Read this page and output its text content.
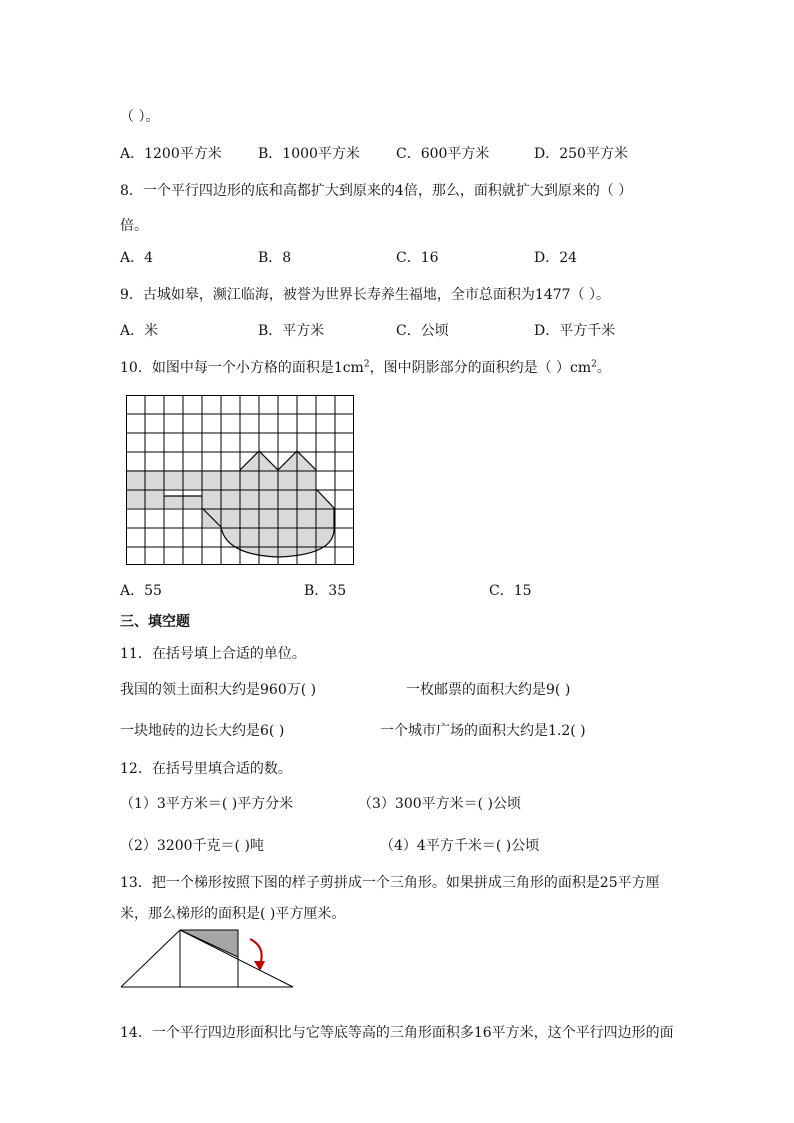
（ ）。
A．1200平方米	B．1000平方米	C．600平方米	D．250平方米
8．一个平行四边形的底和高都扩大到原来的4倍，那么，面积就扩大到原来的（ ）
倍。
A．4	B．8	C．16	D．24
9．古城如皋，濒江临海，被誉为世界长寿养生福地，全市总面积为1477（ ）。
A．米	B．平方米	C．公顷	D．平方千米
10．如图中每一个小方格的面积是$1cm^2$，图中阴影部分的面积约是（ ）$cm^2$。
A．55	B．35	C．15
三、填空题
11．在括号填上合适的单位。
我国的领土面积大约是960万( )	一枚邮票的面积大约是9( )
一块地砖的边长大约是6( )	一个城市广场的面积大约是1.2( )
12．在括号里填合适的数。
（1）3平方米＝( )平方分米	（3）300平方米＝( )公顷
（2）3200千克＝( )吨	（4）4平方千米＝( )公顷
13．把一个梯形按照下图的样子剪拼成一个三角形。如果拼成三角形的面积是25平方厘
米，那么梯形的面积是( )平方厘米。
14．一个平行四边形面积比与它等底等高的三角形面积多16平方米，这个平行四边形的面
